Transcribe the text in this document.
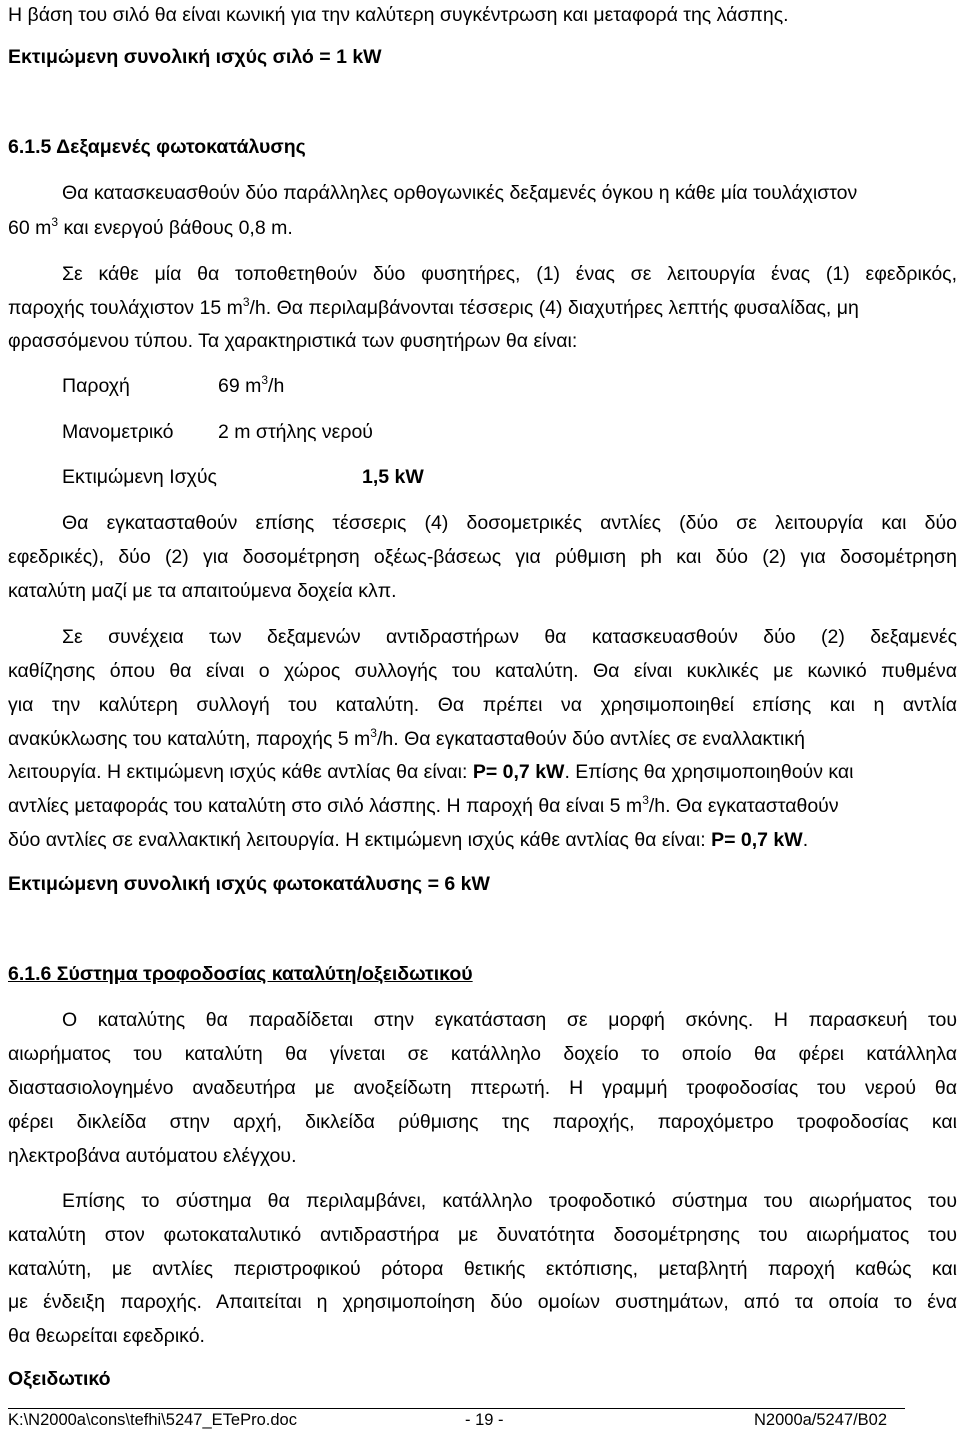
Η βάση του σιλό θα είναι κωνική για την καλύτερη συγκέντρωση και μεταφορά της λάσπης.
Εκτιμώμενη συνολική ισχύς σιλό = 1 kW
6.1.5 Δεξαμενές φωτοκατάλυσης
Θα κατασκευασθούν δύο παράλληλες ορθογωνικές δεξαμενές όγκου η κάθε μία τουλάχιστον
60 $m^3$ και ενεργού βάθους 0,8 m.
Σε κάθε μία θα τοποθετηθούν δύο φυσητήρες, (1) ένας σε λειτουργία ένας (1) εφεδρικός,
παροχής τουλάχιστον 15 $m^3/h$. Θα περιλαμβάνονται τέσσερις (4) διαχυτήρες λεπτής φυσαλίδας, μη
φρασσόμενου τύπου. Τα χαρακτηριστικά των φυσητήρων θα είναι:
Παροχή	69 $m^3/h$
Μανομετρικό 2 m στήλης νερού
Εκτιμώμενη Ισχύς	1,5 kW
Θα εγκατασταθούν επίσης τέσσερις (4) δοσομετρικές αντλίες (δύο σε λειτουργία και δύο
εφεδρικές), δύο (2) για δοσομέτρηση οξέως-βάσεως για ρύθμιση ph και δύο (2) για δοσομέτρηση
καταλύτη μαζί με τα απαιτούμενα δοχεία κλπ.
Σε συνέχεια των δεξαμενών αντιδραστήρων θα κατασκευασθούν δύο (2) δεξαμενές
καθίζησης όπου θα είναι ο χώρος συλλογής του καταλύτη. Θα είναι κυκλικές με κωνικό πυθμένα
για την καλύτερη συλλογή του καταλύτη. Θα πρέπει να χρησιμοποιηθεί επίσης και η αντλία
ανακύκλωσης του καταλύτη, παροχής 5 $m^3/h$. Θα εγκατασταθούν δύο αντλίες σε εναλλακτική
λειτουργία. Η εκτιμώμενη ισχύς κάθε αντλίας θα είναι: P= 0,7 kW. Επίσης θα χρησιμοποιηθούν και
αντλίες μεταφοράς του καταλύτη στο σιλό λάσπης. Η παροχή θα είναι 5 $m^3/h$. Θα εγκατασταθούν
δύο αντλίες σε εναλλακτική λειτουργία. Η εκτιμώμενη ισχύς κάθε αντλίας θα είναι: P= 0,7 kW.
Εκτιμώμενη συνολική ισχύς φωτοκατάλυσης = 6 kW
6.1.6 Σύστημα τροφοδοσίας καταλύτη/οξειδωτικού
Ο καταλύτης θα παραδίδεται στην εγκατάσταση σε μορφή σκόνης. Η παρασκευή του
αιωρήματος του καταλύτη θα γίνεται σε κατάλληλο δοχείο το οποίο θα φέρει κατάλληλα
διαστασιολογημένο αναδευτήρα με ανοξείδωτη πτερωτή. Η γραμμή τροφοδοσίας του νερού θα
φέρει δικλείδα στην αρχή, δικλείδα ρύθμισης της παροχής, παροχόμετρο τροφοδοσίας και
ηλεκτροβάνα αυτόματου ελέγχου.
Επίσης το σύστημα θα περιλαμβάνει, κατάλληλο τροφοδοτικό σύστημα του αιωρήματος του
καταλύτη στον φωτοκαταλυτικό αντιδραστήρα με δυνατότητα δοσομέτρησης του αιωρήματος του
καταλύτη, με αντλίες περιστροφικού ρότορα θετικής εκτόπισης, μεταβλητή παροχή καθώς και
με ένδειξη παροχής. Απαιτείται η χρησιμοποίηση δύο ομοίων συστημάτων, από τα οποία το ένα
θα θεωρείται εφεδρικό.
Οξειδωτικό
K:\N2000a\cons\tefhi\5247_ETePro.doc	- 19 -	N2000a/5247/B02
